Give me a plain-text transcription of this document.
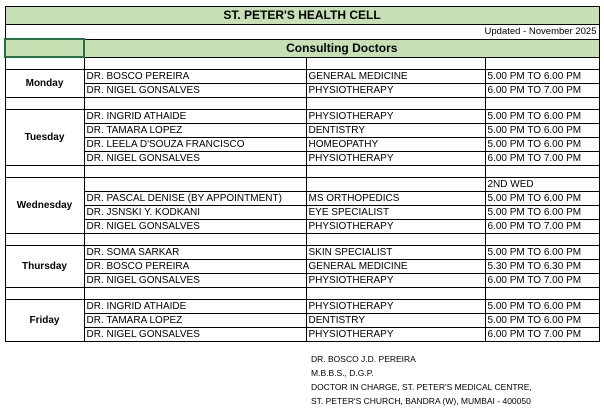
ST. PETER'S HEALTH CELL			
Updated - November 2025			
	Consulting Doctors		

Monday	DR. BOSCO PEREIRA	GENERAL MEDICINE	5.00 PM TO 6.00 PM
	DR. NIGEL GONSALVES	PHYSIOTHERAPY	6.00 PM TO 7.00 PM

Tuesday	DR. INGRID ATHAIDE	PHYSIOTHERAPY	5.00 PM TO 6.00 PM
	DR. TAMARA LOPEZ	DENTISTRY	5.00 PM TO 6.00 PM
	DR. LEELA D'SOUZA FRANCISCO	HOMEOPATHY	5.00 PM TO 6.00 PM
	DR. NIGEL GONSALVES	PHYSIOTHERAPY	6.00 PM TO 7.00 PM

Wednesday			2ND WED
	DR. PASCAL DENISE (BY APPOINTMENT)	MS ORTHOPEDICS	5.00 PM TO 6.00 PM
	DR. JSNSKI Y. KODKANI	EYE SPECIALIST	5.00 PM TO 6.00 PM
	DR. NIGEL GONSALVES	PHYSIOTHERAPY	6.00 PM TO 7.00 PM

Thursday	DR. SOMA SARKAR	SKIN SPECIALIST	5.00 PM TO 6.00 PM
	DR. BOSCO PEREIRA	GENERAL MEDICINE	5.30 PM TO 6.30 PM
	DR. NIGEL GONSALVES	PHYSIOTHERAPY	6.00 PM TO 7.00 PM

Friday	DR. INGRID ATHAIDE	PHYSIOTHERAPY	5.00 PM TO 6.00 PM
	DR. TAMARA LOPEZ	DENTISTRY	5.00 PM TO 6.00 PM
	DR. NIGEL GONSALVES	PHYSIOTHERAPY	6.00 PM TO 7.00 PM
DR. BOSCO J.D. PEREIRA
M.B.B.S., D.G.P.
DOCTOR IN CHARGE, ST. PETER'S MEDICAL CENTRE,
ST. PETER'S CHURCH, BANDRA (W), MUMBAI - 400050
